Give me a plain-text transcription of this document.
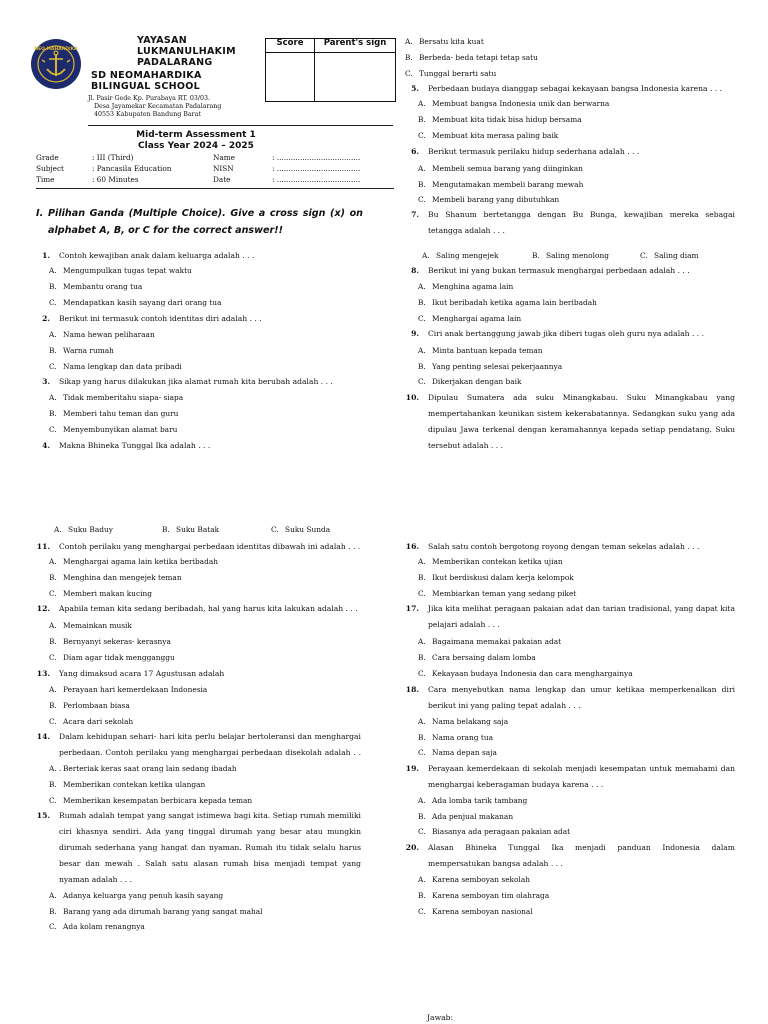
NEO MAHARDIKA
YAYASAN
LUKMANULHAKIM
PADALARANG
SD NEOMAHARDIKA
BILINGUAL SCHOOL
Jl. Pasir Gede Kp. Purabaya RT. 03/03.
Desa Jayamekar Kecamatan Padalarang
40553 Kabupaten Bandung Barat
Score	Parent's sign

Mid-term Assessment 1
Class Year 2024 – 2025
Grade	: III (Third)	Name	: ....................................
Subject	: Pancasila Education	NISN	: ....................................
Time	: 60 Minutes	Date	: ....................................
I. Pilihan Ganda (Multiple Choice). Give a cross sign (x) on alphabet A, B, or C for the correct answer!!
1. Contoh kewajiban anak dalam keluarga adalah . . .
A. Mengumpulkan tugas tepat waktu
B. Membantu orang tua
C. Mendapatkan kasih sayang dari orang tua
2. Berikut ini termasuk contoh identitas diri adalah . . .
A. Nama hewan peliharaan
B. Warna rumah
C. Nama lengkap dan data pribadi
3. Sikap yang harus dilakukan jika alamat rumah kita berubah adalah . . .
A. Tidak memberitahu siapa- siapa
B. Memberi tahu teman dan guru
C. Menyembunyikan alamat baru
4. Makna Bhineka Tunggal Ika adalah . . .
A. Bersatu kita kuat
B. Berbeda- beda tetapi tetap satu
C. Tunggal berarti satu
5. Perbedaan budaya dianggap sebagai kekayaan bangsa Indonesia karena . . .
A. Membuat bangsa Indonesia unik dan berwarna
B. Membuat kita tidak bisa hidup bersama
C. Membuat kita merasa paling baik
6. Berikut termasuk perilaku hidup sederhana adalah . . .
A. Membeli semua barang yang diinginkan
B. Mengutamakan membeli barang mewah
C. Membeli barang yang dibutuhkan
7. Bu Shanum bertetangga dengan Bu Bunga, kewajiban mereka sebagai tetangga adalah . . .
A. Saling mengejek	B. Saling menolong	C. Saling diam
8. Berikut ini yang bukan termasuk menghargai perbedaan adalah . . .
A. Menghina agama lain
B. Ikut beribadah ketika agama lain beribadah
C. Menghargai agama lain
9. Ciri anak bertanggung jawab jika diberi tugas oleh guru nya adalah . . .
A. Minta bantuan kepada teman
B. Yang penting selesai pekerjaannya
C. Dikerjakan dengan baik
10. Dipulau Sumatera ada suku Minangkabau. Suku Minangkabau yang mempertahankan keunikan sistem kekerabatannya. Sedangkan suku yang ada dipulau Jawa terkenal dengan keramahannya kepada setiap pendatang. Suku tersebut adalah . . .
A. Suku Baduy	B. Suku Batak	C. Suku Sunda
11. Contoh perilaku yang menghargai perbedaan identitas dibawah ini adalah . . .
A. Menghargai agama lain ketika beribadah
B. Menghina dan mengejek teman
C. Memberi makan kucing
12. Apabila teman kita sedang beribadah, hal yang harus kita lakukan adalah . . .
A. Memainkan musik
B. Bernyanyi sekeras- kerasnya
C. Diam agar tidak mengganggu
13. Yang dimaksud acara 17 Agustusan adalah
A. Perayaan hari kemerdekaan Indonesia
B. Perlombaan biasa
C. Acara dari sekolah
14. Dalam kehidupan sehari- hari kita perlu belajar bertoleransi dan menghargai perbedaan. Contoh perilaku yang menghargai perbedaan disekolah adalah . . .
A. Berteriak keras saat orang lain sedang ibadah
B. Memberikan contekan ketika ulangan
C. Memberikan kesempatan berbicara kepada teman
15. Rumah adalah tempat yang sangat istimewa bagi kita. Setiap rumah memiliki ciri khasnya sendiri. Ada yang tinggal dirumah yang besar atau mungkin dirumah sederhana yang hangat dan nyaman. Rumah itu tidak selalu harus besar dan mewah . Salah satu alasan rumah bisa menjadi tempat yang nyaman adalah . . .
A. Adanya keluarga yang penuh kasih sayang
B. Barang yang ada dirumah barang yang sangat mahal
C. Ada kolam renangnya
16. Salah satu contoh bergotong royong dengan teman sekelas adalah . . .
A. Memberikan contekan ketika ujian
B. Ikut berdiskusi dalam kerja kelompok
C. Membiarkan teman yang sedang piket
17. Jika kita melihat peragaan pakaian adat dan tarian tradisional, yang dapat kita pelajari adalah . . .
A. Bagaimana memakai pakaian adat
B. Cara bersaing dalam lomba
C. Kekayaan budaya Indonesia dan cara menghargainya
18. Cara menyebutkan nama lengkap dan umur ketikaa memperkenalkan diri berikut ini yang paling tepat adalah . . .
A. Nama belakang saja
B. Nama orang tua
C. Nama depan saja
19. Perayaan kemerdekaan di sekolah menjadi kesempatan untuk memahami dan menghargai keberagaman budaya karena . . .
A. Ada lomba tarik tambang
B. Ada penjual makanan
C. Biasanya ada peragaan pakaian adat
20. Alasan Bhineka Tunggal Ika menjadi panduan Indonesia dalam mempersatukan bangsa adalah . . .
A. Karena semboyan sekolah
B. Karena semboyan tim olahraga
C. Karena semboyan nasional
Jawab:
